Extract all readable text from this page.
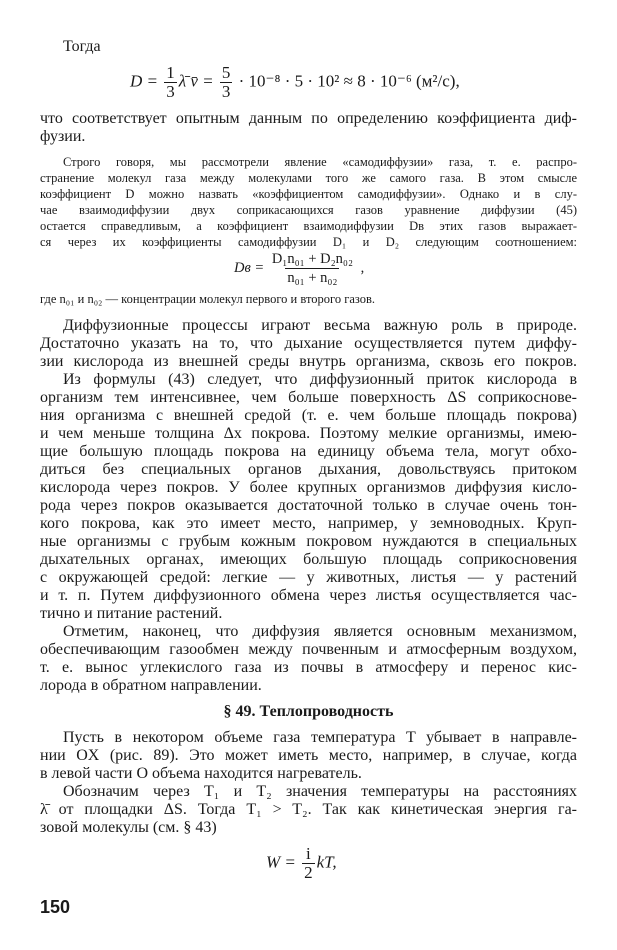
Тогда
$D = \frac{1}{3}$ λ̄ v̄ = $\frac{5}{3} \cdot 10^{-8} \cdot 5 \cdot 10^2 \approx 8 \cdot 10^{-6}$ (м²/с),
что соответствует опытным данным по определению коэффициента диф-
фузии.
Строго говоря, мы рассмотрели явление «самодиффузии» газа, т. е. распро-
странение молекул газа между молекулами того же самого газа. В этом смысле
коэффициент D можно назвать «коэффициентом самодиффузии». Однако и в слу-
чае взаимодиффузии двух соприкасающихся газов уравнение диффузии (45)
остается справедливым, а коэффициент взаимодиффузии Dв этих газов выражает-
ся через их коэффициенты самодиффузии D₁ и D₂ следующим соотношением:
Dв = $\frac{\text{D₁n₀₁ + D₂n₀₂}}{\text{n₀₁ + n₀₂}}$ ,
где n₀₁ и n₀₂ — концентрации молекул первого и второго газов.
Диффузионные процессы играют весьма важную роль в природе.
Достаточно указать на то, что дыхание осуществляется путем диффу-
зии кислорода из внешней среды внутрь организма, сквозь его покров.
Из формулы (43) следует, что диффузионный приток кислорода в
организм тем интенсивнее, чем больше поверхность ΔS соприкоснове-
ния организма с внешней средой (т. е. чем больше площадь покрова)
и чем меньше толщина Δx покрова. Поэтому мелкие организмы, имею-
щие большую площадь покрова на единицу объема тела, могут обхо-
диться без специальных органов дыхания, довольствуясь притоком
кислорода через покров. У более крупных организмов диффузия кисло-
рода через покров оказывается достаточной только в случае очень тон-
кого покрова, как это имеет место, например, у земноводных. Круп-
ные организмы с грубым кожным покровом нуждаются в специальных
дыхательных органах, имеющих большую площадь соприкосновения
с окружающей средой: легкие — у животных, листья — у растений
и т. п. Путем диффузионного обмена через листья осуществляется час-
тично и питание растений.
Отметим, наконец, что диффузия является основным механизмом,
обеспечивающим газообмен между почвенным и атмосферным воздухом,
т. е. вынос углекислого газа из почвы в атмосферу и перенос кис-
лорода в обратном направлении.
§ 49. Теплопроводность
Пусть в некотором объеме газа температура T убывает в направле-
нии OX (рис. 89). Это может иметь место, например, в случае, когда
в левой части O объема находится нагреватель.
Обозначим через T₁ и T₂ значения температуры на расстояниях
λ̄ от площадки ΔS. Тогда T₁ > T₂. Так как кинетическая энергия га-
зовой молекулы (см. § 43)
$W = \frac{i}{2}$ kT,
150
